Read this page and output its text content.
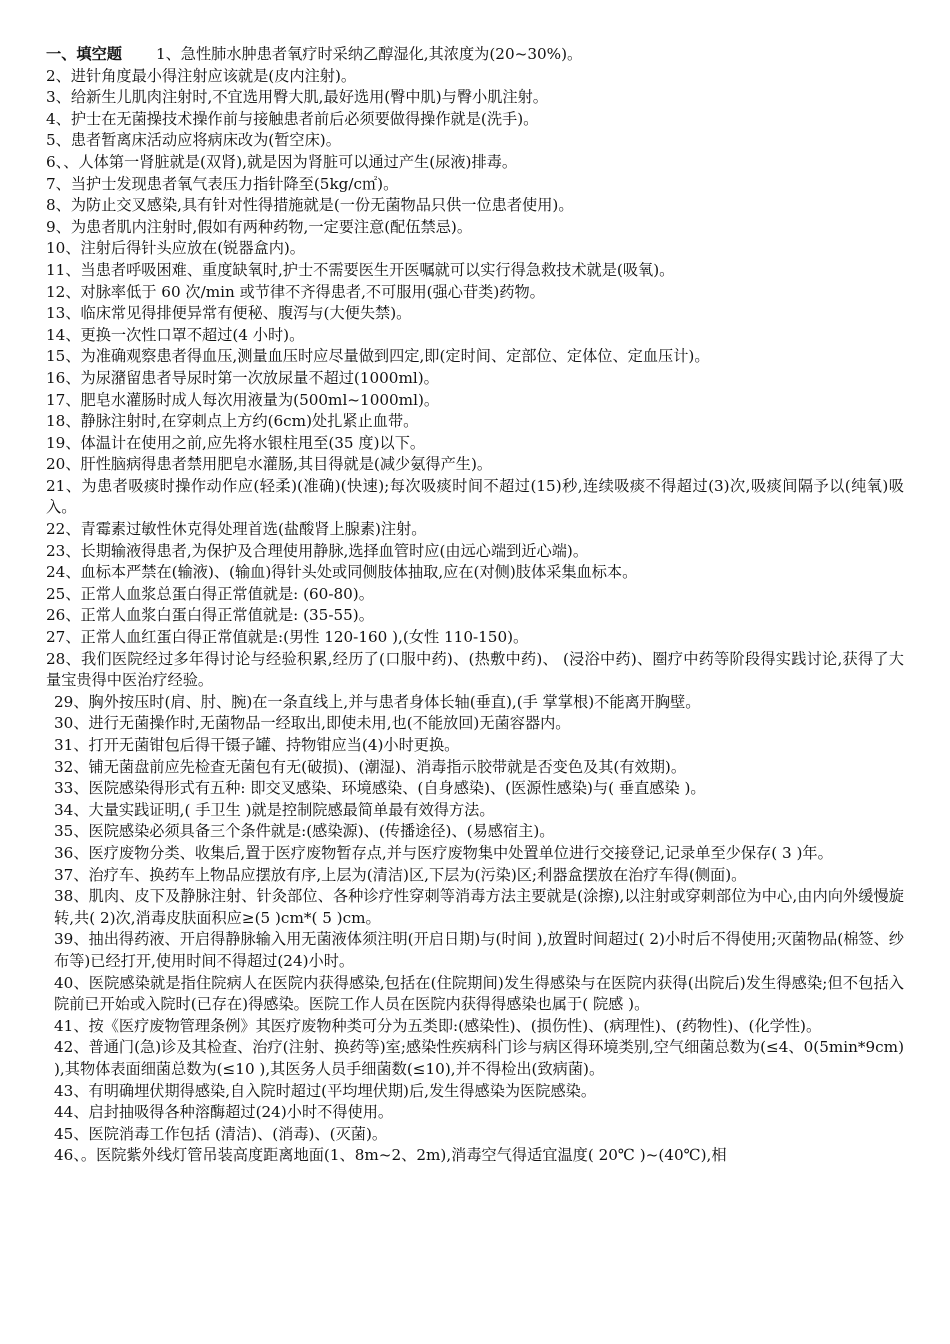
一、填空题 1、急性肺水肿患者氧疗时采纳乙醇湿化,其浓度为(20~30%)。
2、进针角度最小得注射应该就是(皮内注射)。
3、给新生儿肌肉注射时,不宜选用臀大肌,最好选用(臀中肌)与臀小肌注射。
4、护士在无菌操技术操作前与接触患者前后必须要做得操作就是(洗手)。
5、患者暂离床活动应将病床改为(暂空床)。
6、、人体第一肾脏就是(双肾),就是因为肾脏可以通过产生(尿液)排毒。
7、当护士发现患者氧气表压力指针降至(5kg/c㎡)。
8、为防止交叉感染,具有针对性得措施就是(一份无菌物品只供一位患者使用)。
9、为患者肌内注射时,假如有两种药物,一定要注意(配伍禁忌)。
10、注射后得针头应放在(锐器盒内)。
11、当患者呼吸困难、重度缺氧时,护士不需要医生开医嘱就可以实行得急救技术就是(吸氧)。
12、对脉率低于 60 次/min 或节律不齐得患者,不可服用(强心苷类)药物。
13、临床常见得排便异常有便秘、腹泻与(大便失禁)。
14、更换一次性口罩不超过(4 小时)。
15、为准确观察患者得血压,测量血压时应尽量做到四定,即(定时间、定部位、定体位、定血压计)。
16、为尿潴留患者导尿时第一次放尿量不超过(1000ml)。
17、肥皂水灌肠时成人每次用液量为(500ml~1000ml)。
18、静脉注射时,在穿刺点上方约(6cm)处扎紧止血带。
19、体温计在使用之前,应先将水银柱甩至(35 度)以下。
20、肝性脑病得患者禁用肥皂水灌肠,其目得就是(减少氨得产生)。
21、为患者吸痰时操作动作应(轻柔)(准确)(快速);每次吸痰时间不超过(15)秒,连续吸痰不得超过(3)次,吸痰间隔予以(纯氧)吸入。
22、青霉素过敏性休克得处理首选(盐酸肾上腺素)注射。
23、长期输液得患者,为保护及合理使用静脉,选择血管时应(由远心端到近心端)。
24、血标本严禁在(输液)、(输血)得针头处或同侧肢体抽取,应在(对侧)肢体采集血标本。
25、正常人血浆总蛋白得正常值就是: (60-80)。
26、正常人血浆白蛋白得正常值就是: (35-55)。
27、正常人血红蛋白得正常值就是:(男性 120-160 ),(女性 110-150)。
28、我们医院经过多年得讨论与经验积累,经历了(口服中药)、(热敷中药)、 (浸浴中药)、圈疗中药等阶段得实践讨论,获得了大量宝贵得中医治疗经验。
29、胸外按压时(肩、肘、腕)在一条直线上,并与患者身体长轴(垂直),(手 掌掌根)不能离开胸壁。
30、进行无菌操作时,无菌物品一经取出,即使未用,也(不能放回)无菌容器内。
31、打开无菌钳包后得干镊子罐、持物钳应当(4)小时更换。
32、铺无菌盘前应先检查无菌包有无(破损)、(潮湿)、消毒指示胶带就是否变色及其(有效期)。
33、医院感染得形式有五种: 即交叉感染、环境感染、(自身感染)、(医源性感染)与( 垂直感染 )。
34、大量实践证明,( 手卫生 )就是控制院感最简单最有效得方法。
35、医院感染必须具备三个条件就是:(感染源)、(传播途径)、(易感宿主)。
36、医疗废物分类、收集后,置于医疗废物暂存点,并与医疗废物集中处置单位进行交接登记,记录单至少保存( 3 )年。
37、治疗车、换药车上物品应摆放有序,上层为(清洁)区,下层为(污染)区;利器盒摆放在治疗车得(侧面)。
38、肌肉、皮下及静脉注射、针灸部位、各种诊疗性穿刺等消毒方法主要就是(涂擦),以注射或穿刺部位为中心,由内向外缓慢旋转,共( 2)次,消毒皮肤面积应≥(5 )cm*( 5 )cm。
39、抽出得药液、开启得静脉输入用无菌液体须注明(开启日期)与(时间 ),放置时间超过( 2)小时后不得使用;灭菌物品(棉签、纱布等)已经打开,使用时间不得超过(24)小时。
40、医院感染就是指住院病人在医院内获得感染,包括在(住院期间)发生得感染与在医院内获得(出院后)发生得感染;但不包括入院前已开始或入院时(已存在)得感染。医院工作人员在医院内获得得感染也属于( 院感 )。
41、按《医疗废物管理条例》其医疗废物种类可分为五类即:(感染性)、(损伤性)、(病理性)、(药物性)、(化学性)。
42、普通门(急)诊及其检查、治疗(注射、换药等)室;感染性疾病科门诊与病区得环境类别,空气细菌总数为(≤4、0(5min*9cm) ),其物体表面细菌总数为(≤10 ),其医务人员手细菌数(≤10),并不得检出(致病菌)。
43、有明确埋伏期得感染,自入院时超过(平均埋伏期)后,发生得感染为医院感染。
44、启封抽吸得各种溶酶超过(24)小时不得使用。
45、医院消毒工作包括 (清洁)、(消毒)、(灭菌)。
46、。医院紫外线灯管吊装高度距离地面(1、8m~2、2m),消毒空气得适宜温度( 20℃ )~(40℃),相
